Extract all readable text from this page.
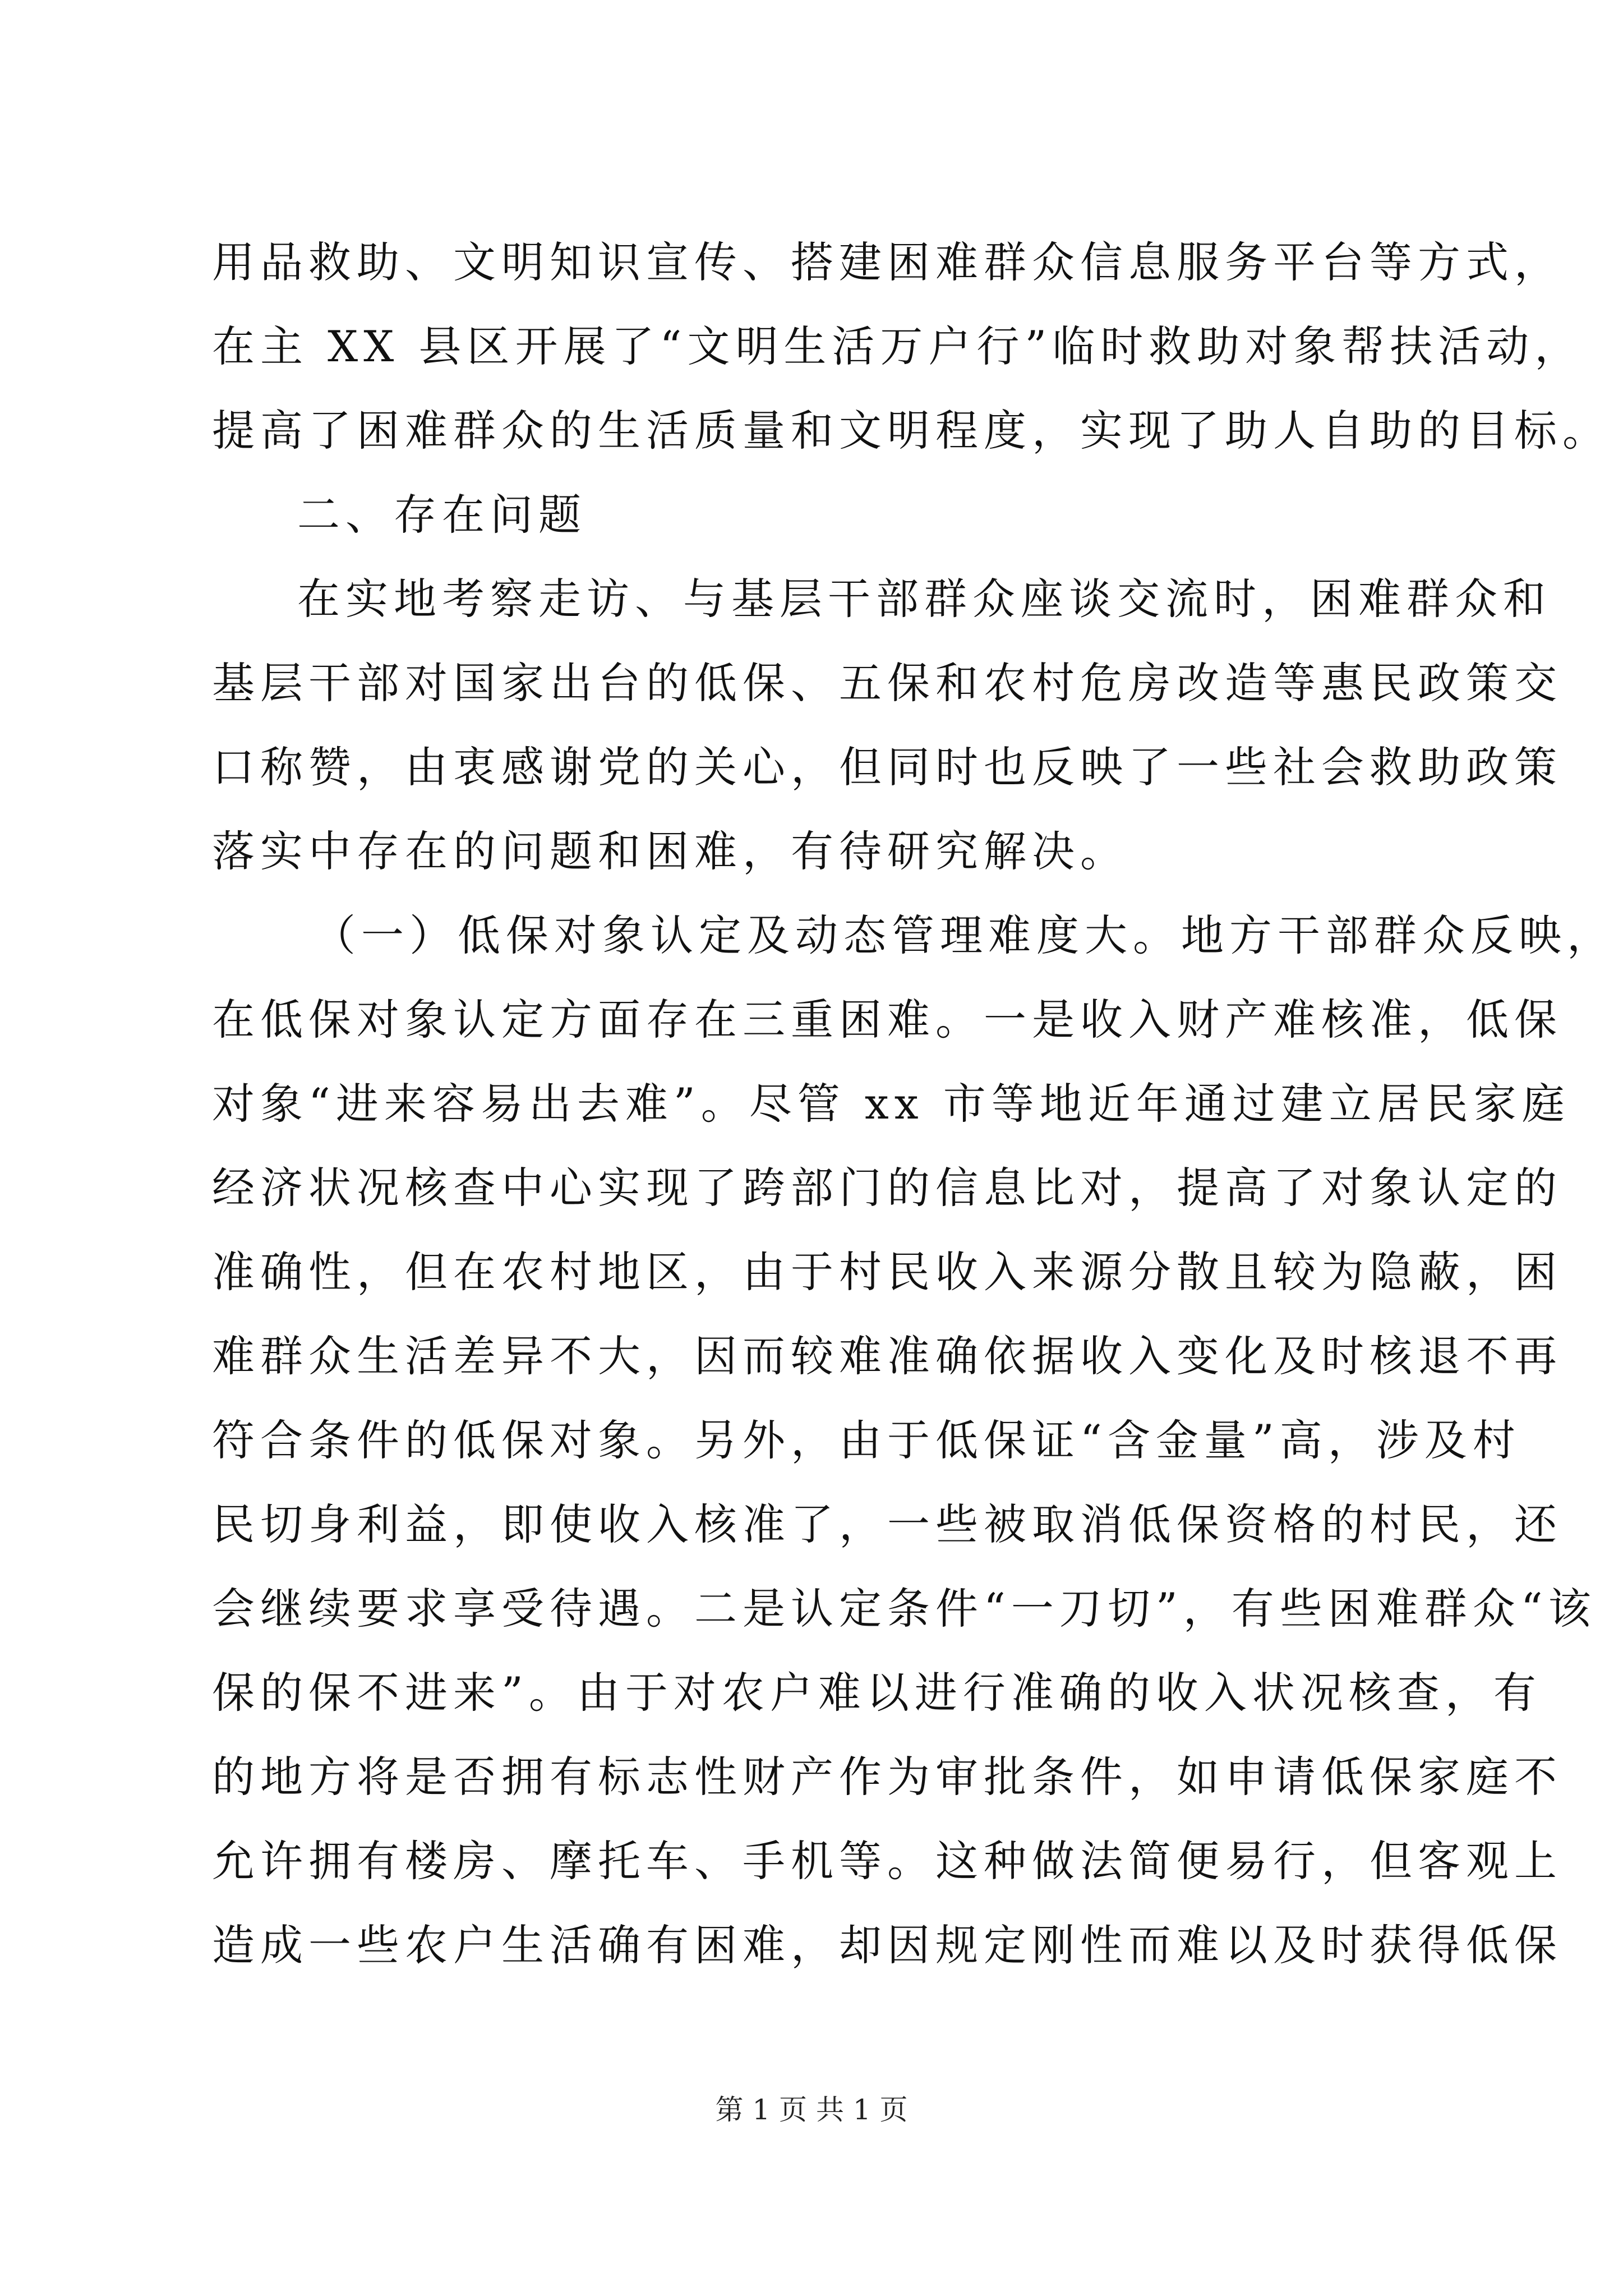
用品救助、文明知识宣传、搭建困难群众信息服务平台等方式，
在主 XX 县区开展了“文明生活万户行”临时救助对象帮扶活动，
提高了困难群众的生活质量和文明程度，实现了助人自助的目标。
二、存在问题
在实地考察走访、与基层干部群众座谈交流时，困难群众和
基层干部对国家出台的低保、五保和农村危房改造等惠民政策交
口称赞，由衷感谢党的关心，但同时也反映了一些社会救助政策
落实中存在的问题和困难，有待研究解决。
（一）低保对象认定及动态管理难度大。地方干部群众反映，
在低保对象认定方面存在三重困难。一是收入财产难核准，低保
对象“进来容易出去难”。尽管 xx 市等地近年通过建立居民家庭
经济状况核查中心实现了跨部门的信息比对，提高了对象认定的
准确性，但在农村地区，由于村民收入来源分散且较为隐蔽，困
难群众生活差异不大，因而较难准确依据收入变化及时核退不再
符合条件的低保对象。另外，由于低保证“含金量”高，涉及村
民切身利益，即使收入核准了，一些被取消低保资格的村民，还
会继续要求享受待遇。二是认定条件“一刀切”，有些困难群众“该
保的保不进来”。由于对农户难以进行准确的收入状况核查，有
的地方将是否拥有标志性财产作为审批条件，如申请低保家庭不
允许拥有楼房、摩托车、手机等。这种做法简便易行，但客观上
造成一些农户生活确有困难，却因规定刚性而难以及时获得低保
第 1 页 共 1 页
